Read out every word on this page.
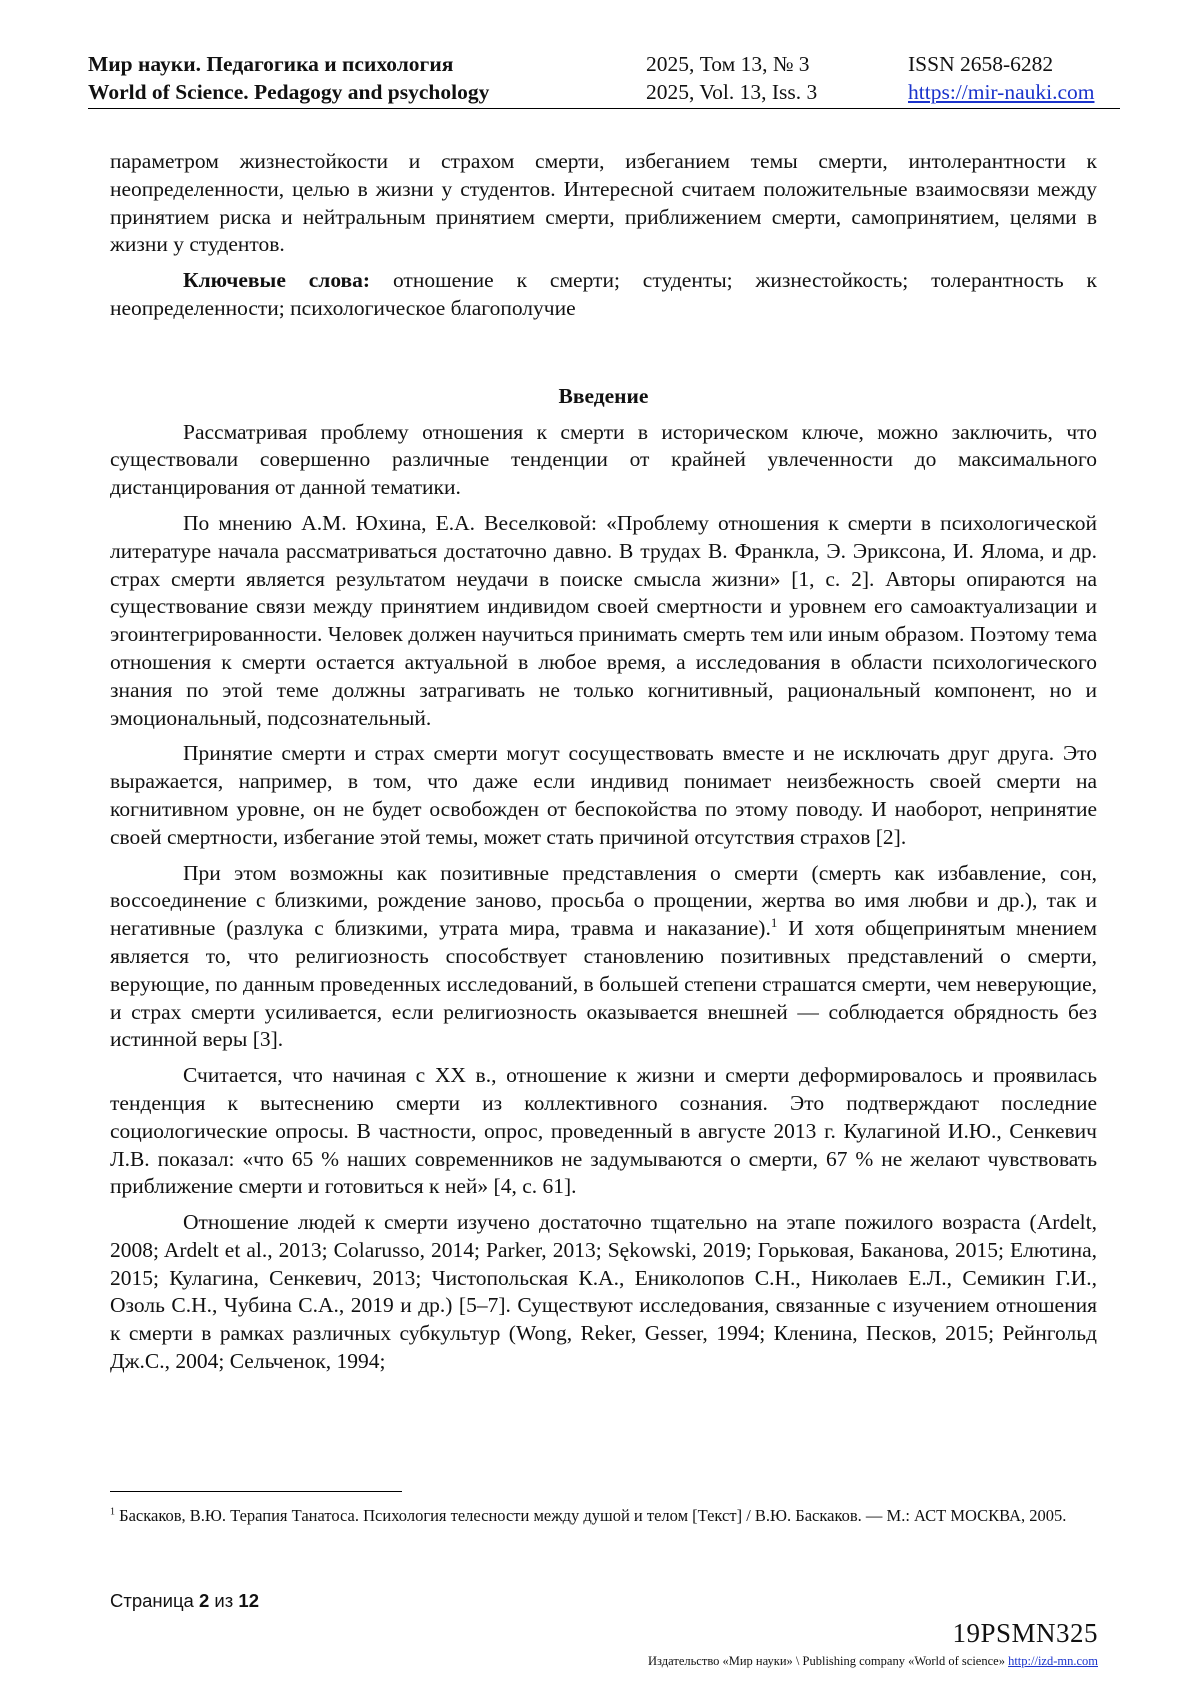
Мир науки. Педагогика и психология
World of Science. Pedagogy and psychology
2025, Том 13, № 3
2025, Vol. 13, Iss. 3
ISSN 2658-6282
https://mir-nauki.com

параметром жизнестойкости и страхом смерти, избеганием темы смерти, интолерантности к неопределенности, целью в жизни у студентов. Интересной считаем положительные взаимосвязи между принятием риска и нейтральным принятием смерти, приближением смерти, самопринятием, целями в жизни у студентов.

Ключевые слова: отношение к смерти; студенты; жизнестойкость; толерантность к неопределенности; психологическое благополучие

Введение

Рассматривая проблему отношения к смерти в историческом ключе, можно заключить, что существовали совершенно различные тенденции от крайней увлеченности до максимального дистанцирования от данной тематики.

По мнению А.М. Юхина, Е.А. Веселковой: «Проблему отношения к смерти в психологической литературе начала рассматриваться достаточно давно. В трудах В. Франкла, Э. Эриксона, И. Ялома, и др. страх смерти является результатом неудачи в поиске смысла жизни» [1, с. 2]. Авторы опираются на существование связи между принятием индивидом своей смертности и уровнем его самоактуализации и эгоинтегрированности. Человек должен научиться принимать смерть тем или иным образом. Поэтому тема отношения к смерти остается актуальной в любое время, а исследования в области психологического знания по этой теме должны затрагивать не только когнитивный, рациональный компонент, но и эмоциональный, подсознательный.

Принятие смерти и страх смерти могут сосуществовать вместе и не исключать друг друга. Это выражается, например, в том, что даже если индивид понимает неизбежность своей смерти на когнитивном уровне, он не будет освобожден от беспокойства по этому поводу. И наоборот, непринятие своей смертности, избегание этой темы, может стать причиной отсутствия страхов [2].

При этом возможны как позитивные представления о смерти (смерть как избавление, сон, воссоединение с близкими, рождение заново, просьба о прощении, жертва во имя любви и др.), так и негативные (разлука с близкими, утрата мира, травма и наказание).$^1$ И хотя общепринятым мнением является то, что религиозность способствует становлению позитивных представлений о смерти, верующие, по данным проведенных исследований, в большей степени страшатся смерти, чем неверующие, и страх смерти усиливается, если религиозность оказывается внешней — соблюдается обрядность без истинной веры [3].

Считается, что начиная с XX в., отношение к жизни и смерти деформировалось и проявилась тенденция к вытеснению смерти из коллективного сознания. Это подтверждают последние социологические опросы. В частности, опрос, проведенный в августе 2013 г. Кулагиной И.Ю., Сенкевич Л.В. показал: «что 65 % наших современников не задумываются о смерти, 67 % не желают чувствовать приближение смерти и готовиться к ней» [4, с. 61].

Отношение людей к смерти изучено достаточно тщательно на этапе пожилого возраста (Ardelt, 2008; Ardelt et al., 2013; Colarusso, 2014; Parker, 2013; Sękowski, 2019; Горьковая, Баканова, 2015; Елютина, 2015; Кулагина, Сенкевич, 2013; Чистопольская К.А., Ениколопов С.Н., Николаев Е.Л., Семикин Г.И., Озоль С.Н., Чубина С.А., 2019 и др.) [5–7]. Существуют исследования, связанные с изучением отношения к смерти в рамках различных субкультур (Wong, Reker, Gesser, 1994; Кленина, Песков, 2015; Рейнгольд Дж.С., 2004; Сельченок, 1994;

$^1$ Баскаков, В.Ю. Терапия Танатоса. Психология телесности между душой и телом [Текст] / В.Ю. Баскаков. — М.: АСТ МОСКВА, 2005.
Страница 2 из 12
19PSMN325
Издательство «Мир науки» \ Publishing company «World of science» http://izd-mn.com
